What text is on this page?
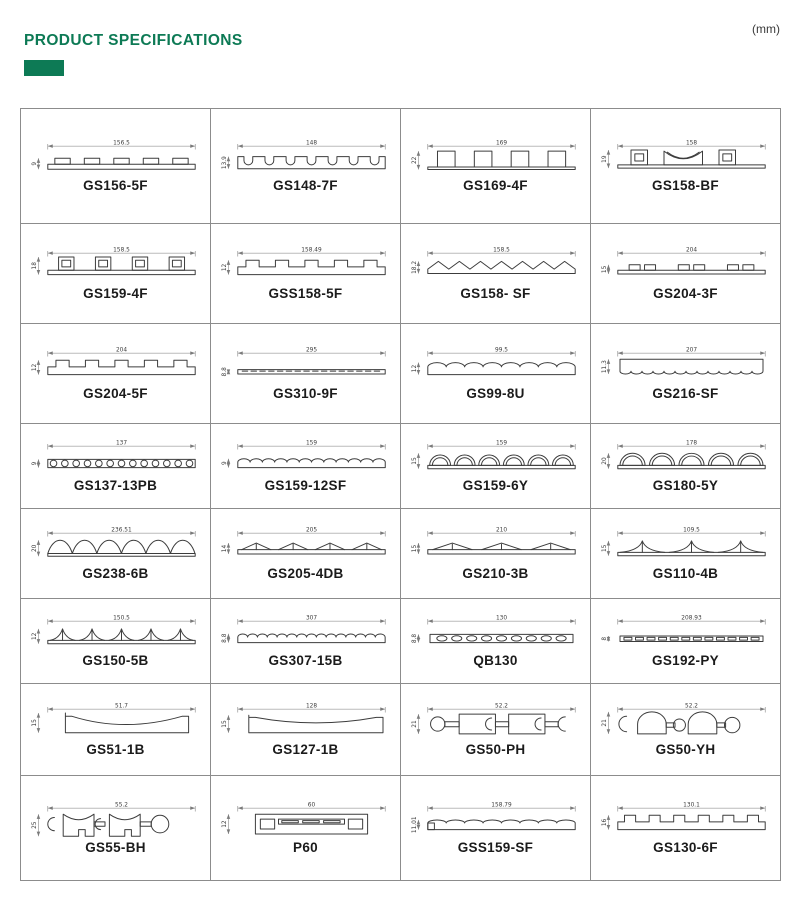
PRODUCT SPECIFICATIONS
(mm)
156.5
9
GS156-5F
148
13.9
GS148-7F
169
22
GS169-4F
158
19
GS158-BF
158.5
18
GS159-4F
158.49
12
GSS158-5F
158.5
18.2
GS158- SF
204
15
GS204-3F
204
12
GS204-5F
295
8.8
GS310-9F
99.5
12
GS99-8U
207
11.3
GS216-SF
137
9
GS137-13PB
159
9
GS159-12SF
159
15
GS159-6Y
178
20
GS180-5Y
236.51
20
GS238-6B
205
14
GS205-4DB
210
15
GS210-3B
109.5
15
GS110-4B
150.5
12
GS150-5B
307
8.8
GS307-15B
130
8.8
QB130
208.93
8
GS192-PY
51.7
15
GS51-1B
128
15
GS127-1B
52.2
21
GS50-PH
52.2
21
GS50-YH
55.2
25
GS55-BH
60
12
P60
158.79
11.01
GSS159-SF
130.1
16
GS130-6F
